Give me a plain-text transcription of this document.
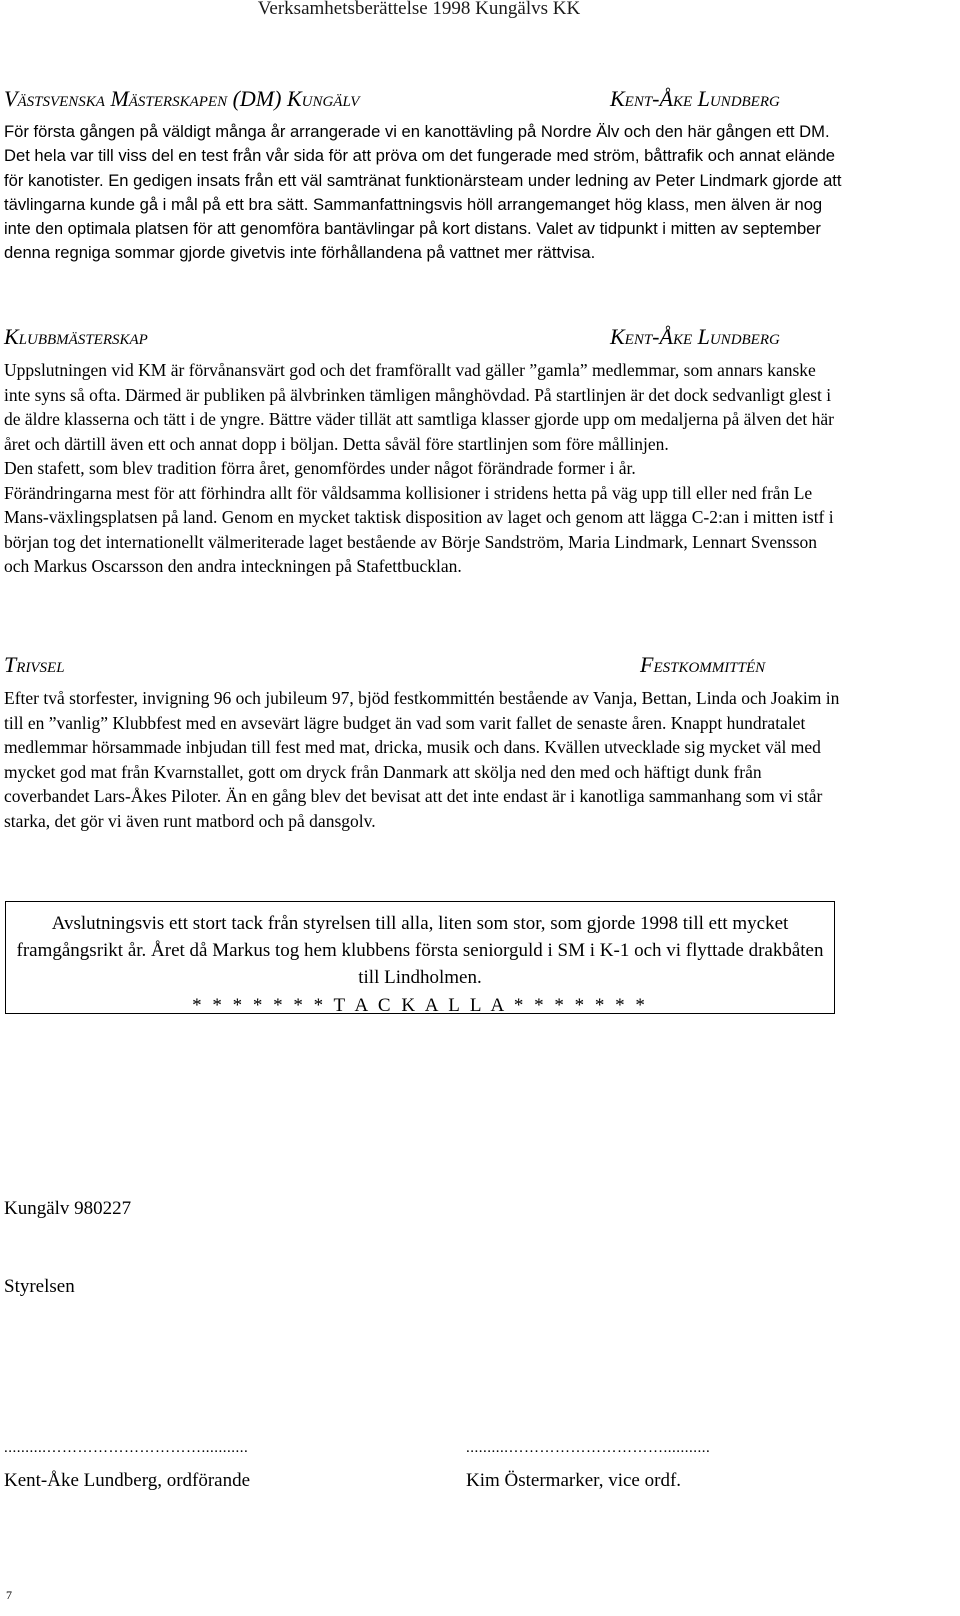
Verksamhetsberättelse 1998 Kungälvs KK
Västsvenska Mästerskapen (DM) Kungälv	Kent-Åke Lundberg

För första gången på väldigt många år arrangerade vi en kanottävling på Nordre Älv och den här gången ett DM. Det hela var till viss del en test från vår sida för att pröva om det fungerade med ström, båttrafik och annat elände för kanotister. En gedigen insats från ett väl samtränat funktionärsteam under ledning av Peter Lindmark gjorde att tävlingarna kunde gå i mål på ett bra sätt. Sammanfattningsvis höll arrangemanget hög klass, men älven är nog inte den optimala platsen för att genomföra bantävlingar på kort distans. Valet av tidpunkt i mitten av september denna regniga sommar gjorde givetvis inte förhållandena på vattnet mer rättvisa.

Klubbmästerskap	Kent-Åke Lundberg

Uppslutningen vid KM är förvånansvärt god och det framförallt vad gäller ”gamla” medlemmar, som annars kanske inte syns så ofta. Därmed är publiken på älvbrinken tämligen månghövdad. På startlinjen är det dock sedvanligt glest i de äldre klasserna och tätt i de yngre. Bättre väder tillät att samtliga klasser gjorde upp om medaljerna på älven det här året och därtill även ett och annat dopp i böljan. Detta såväl före startlinjen som före mållinjen.

Den stafett, som blev tradition förra året, genomfördes under något förändrade former i år.

Förändringarna mest för att förhindra allt för våldsamma kollisioner i stridens hetta på väg upp till eller ned från Le Mans-växlingsplatsen på land. Genom en mycket taktisk disposition av laget och genom att lägga C-2:an i mitten istf i början tog det internationellt välmeriterade laget bestående av Börje Sandström, Maria Lindmark, Lennart Svensson och Markus Oscarsson den andra inteckningen på Stafettbucklan.

Trivsel	Festkommittén

Efter två storfester, invigning 96 och jubileum 97, bjöd festkommittén bestående av Vanja, Bettan, Linda och Joakim in till en ”vanlig” Klubbfest med en avsevärt lägre budget än vad som varit fallet de senaste åren. Knappt hundratalet medlemmar hörsammade inbjudan till fest med mat, dricka, musik och dans. Kvällen utvecklade sig mycket väl med mycket god mat från Kvarnstallet, gott om dryck från Danmark att skölja ned den med och häftigt dunk från coverbandet Lars-Åkes Piloter. Än en gång blev det bevisat att det inte endast är i kanotliga sammanhang som vi står starka, det gör vi även runt matbord och på dansgolv.

Avslutningsvis ett stort tack från styrelsen till alla, liten som stor, som gjorde 1998 till ett mycket framgångsrikt år. Året då Markus tog hem klubbens första seniorguld i SM i K-1 och vi flyttade drakbåten till Lindholmen.
* * * * * * * T A C K A L L A * * * * * * *
Kungälv 980227
Styrelsen
..........…………………………...........
Kent-Åke Lundberg, ordförande
..........…………………………...........
Kim Östermarker, vice ordf.
7
